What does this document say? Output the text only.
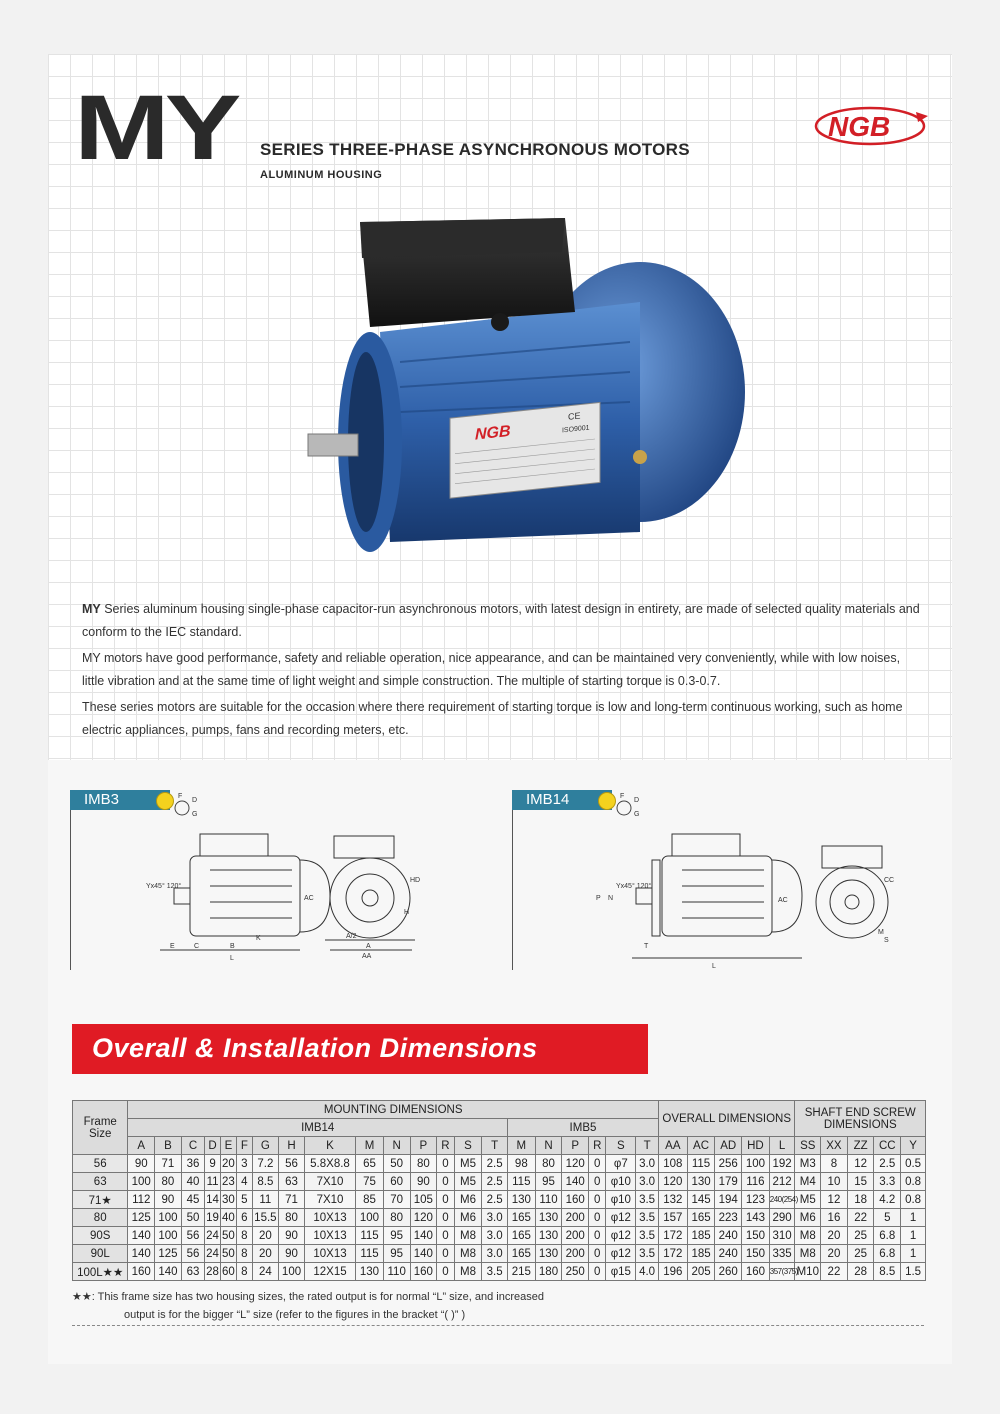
MY SERIES THREE-PHASE ASYNCHRONOUS MOTORS
ALUMINUM HOUSING
NGB
NGB
CE
ISO9001

MY Series aluminum housing single-phase capacitor-run asynchronous motors, with latest design in entirety, are made of selected quality materials and conform to the IEC standard.

MY motors have good performance, safety and reliable operation, nice appearance, and can be maintained very conveniently, while with low noises, little vibration and at the same time of light weight and simple construction. The multiple of starting torque is 0.3-0.7.

These series motors are suitable for the occasion where there requirement of starting torque is low and long-term continuous working, such as home electric appliances, pumps, fans and recording meters, etc.

IMB3	F
D
G
Yx45° 120°
E	C	B
L
K
AC
HD
H
A/2
A
AA
IMB14	F
D
G
Yx45° 120°
P N
T
L
AC
CC
M
S
Overall & Installation Dimensions
Frame Size	MOUNTING DIMENSIONS																					OVERALL DIMENSIONS					SHAFT END SCREW DIMENSIONS				
	IMB14															IMB5															
	A	B	C	D	E	F	G	H	K	M	N	P	R	S	T	M	N	P	R	S	T	AA	AC	AD	HD	L	SS	XX	ZZ	CC	Y
56	90	71	36	9	20	3	7.2	56	5.8X8.8	65	50	80	0	M5	2.5	98	80	120	0	φ7	3.0	108	115	256	100	192	M3	8	12	2.5	0.5
63	100	80	40	11	23	4	8.5	63	7X10	75	60	90	0	M5	2.5	115	95	140	0	φ10	3.0	120	130	179	116	212	M4	10	15	3.3	0.8
71★	112	90	45	14	30	5	11	71	7X10	85	70	105	0	M6	2.5	130	110	160	0	φ10	3.5	132	145	194	123	240(254)	M5	12	18	4.2	0.8
80	125	100	50	19	40	6	15.5	80	10X13	100	80	120	0	M6	3.0	165	130	200	0	φ12	3.5	157	165	223	143	290	M6	16	22	5	1
90S	140	100	56	24	50	8	20	90	10X13	115	95	140	0	M8	3.0	165	130	200	0	φ12	3.5	172	185	240	150	310	M8	20	25	6.8	1
90L	140	125	56	24	50	8	20	90	10X13	115	95	140	0	M8	3.0	165	130	200	0	φ12	3.5	172	185	240	150	335	M8	20	25	6.8	1
100L★★	160	140	63	28	60	8	24	100	12X15	130	110	160	0	M8	3.5	215	180	250	0	φ15	4.0	196	205	260	160	357(375)	M10	22	28	8.5	1.5
★★: This frame size has two housing sizes, the rated output is for normal “L” size, and increased
output is for the bigger “L” size (refer to the figures in the bracket “( )” )
